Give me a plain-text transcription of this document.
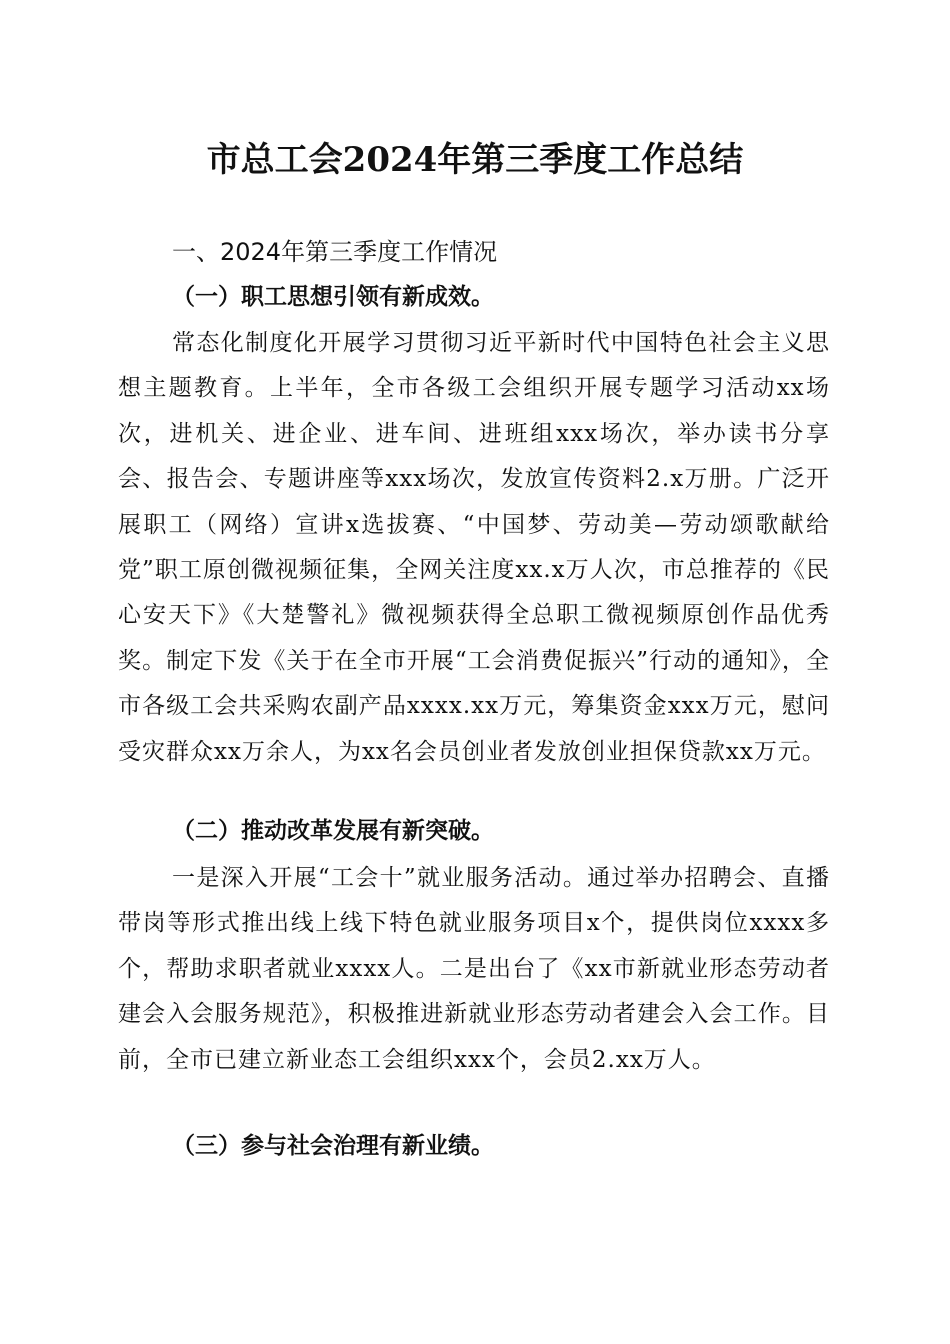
市总工会2024年第三季度工作总结
一、2024年第三季度工作情况
（一）职工思想引领有新成效。

常态化制度化开展学习贯彻习近平新时代中国特色社会主义思想主题教育。上半年，全市各级工会组织开展专题学习活动xx场次，进机关、进企业、进车间、进班组xxx场次，举办读书分享会、报告会、专题讲座等xxx场次，发放宣传资料2.x万册。广泛开展职工（网络）宣讲x选拔赛、“中国梦、劳动美—劳动颂歌献给党”职工原创微视频征集，全网关注度xx.x万人次，市总推荐的《民心安天下》《大楚警礼》微视频获得全总职工微视频原创作品优秀奖。制定下发《关于在全市开展“工会消费促振兴”行动的通知》，全市各级工会共采购农副产品xxxx.xx万元，筹集资金xxx万元，慰问受灾群众xx万余人，为xx名会员创业者发放创业担保贷款xx万元。

（二）推动改革发展有新突破。

一是深入开展“工会十”就业服务活动。通过举办招聘会、直播带岗等形式推出线上线下特色就业服务项目x个，提供岗位xxxx多个，帮助求职者就业xxxx人。二是出台了《xx市新就业形态劳动者建会入会服务规范》，积极推进新就业形态劳动者建会入会工作。目前，全市已建立新业态工会组织xxx个，会员2.xx万人。

（三）参与社会治理有新业绩。
